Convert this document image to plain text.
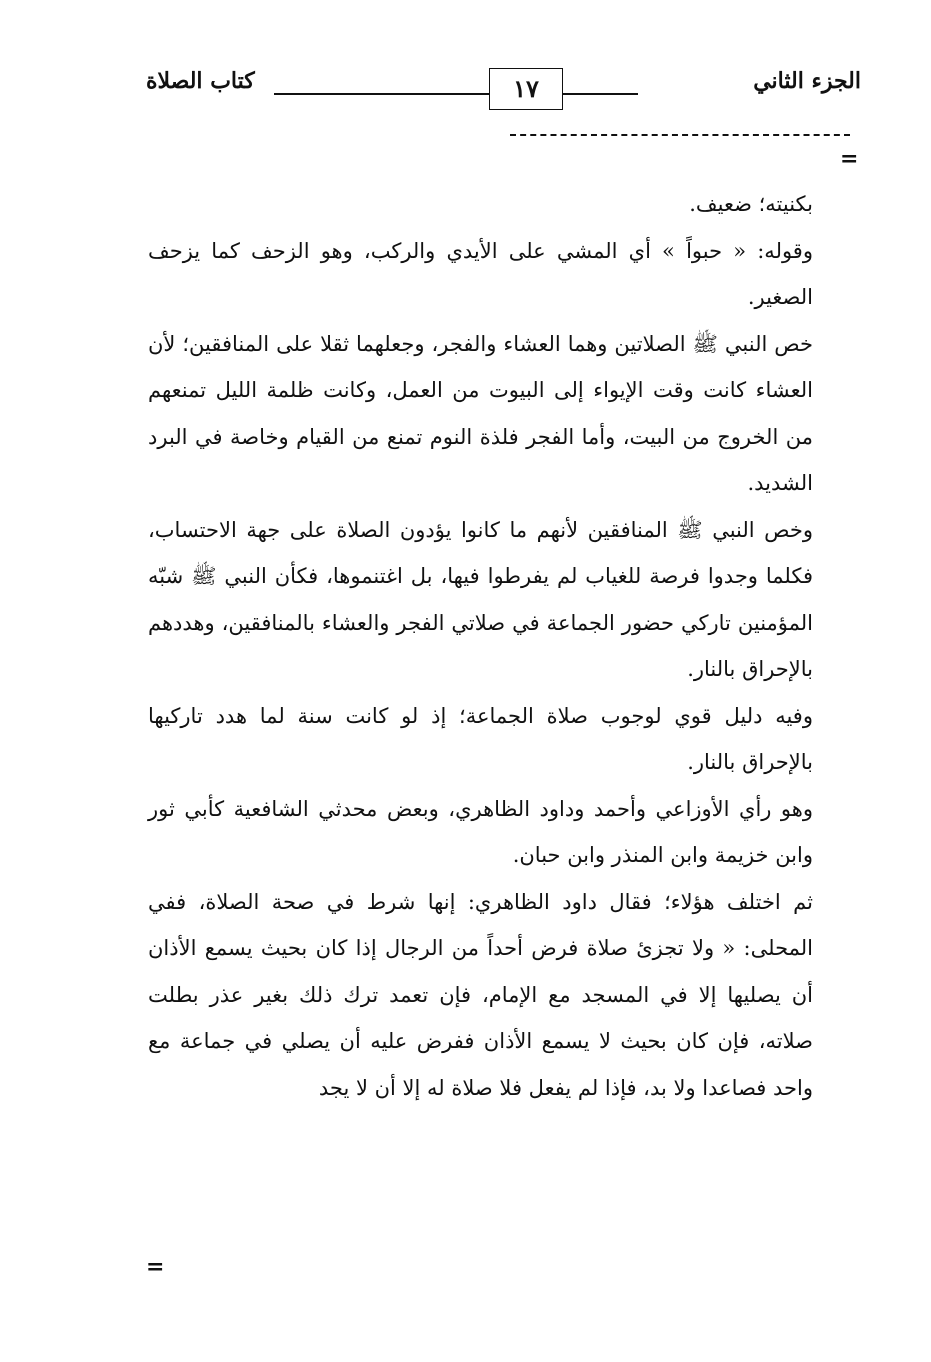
الجزء الثاني
١٧
كتاب الصلاة
=

بكنيته؛ ضعيف.

وقوله: « حبواً » أي المشي على الأيدي والركب، وهو الزحف كما يزحف الصغير.

خص النبي ﷺ الصلاتين وهما العشاء والفجر، وجعلهما ثقلا على المنافقين؛ لأن العشاء كانت وقت الإيواء إلى البيوت من العمل، وكانت ظلمة الليل تمنعهم من الخروج من البيت، وأما الفجر فلذة النوم تمنع من القيام وخاصة في البرد الشديد.

وخص النبي ﷺ المنافقين لأنهم ما كانوا يؤدون الصلاة على جهة الاحتساب، فكلما وجدوا فرصة للغياب لم يفرطوا فيها، بل اغتنموها، فكأن النبي ﷺ شبّه المؤمنين تاركي حضور الجماعة في صلاتي الفجر والعشاء بالمنافقين، وهددهم بالإحراق بالنار.

وفيه دليل قوي لوجوب صلاة الجماعة؛ إذ لو كانت سنة لما هدد تاركيها بالإحراق بالنار.

وهو رأي الأوزاعي وأحمد وداود الظاهري، وبعض محدثي الشافعية كأبي ثور وابن خزيمة وابن المنذر وابن حبان.

ثم اختلف هؤلاء؛ فقال داود الظاهري: إنها شرط في صحة الصلاة، ففي المحلى: « ولا تجزئ صلاة فرض أحداً من الرجال إذا كان بحيث يسمع الأذان أن يصليها إلا في المسجد مع الإمام، فإن تعمد ترك ذلك بغير عذر بطلت صلاته، فإن كان بحيث لا يسمع الأذان ففرض عليه أن يصلي في جماعة مع واحد فصاعدا ولا بد، فإذا لم يفعل فلا صلاة له إلا أن لا يجد

=
